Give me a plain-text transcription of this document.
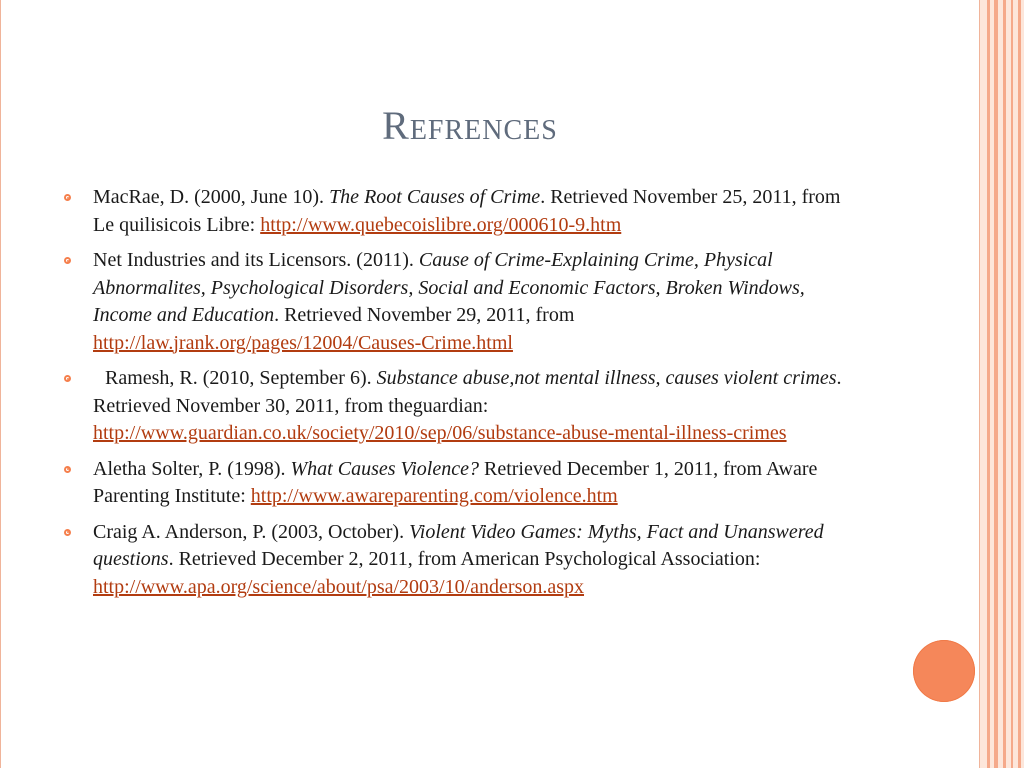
Refrences
MacRae, D. (2000, June 10). The Root Causes of Crime. Retrieved November 25, 2011, from Le quilisicois Libre: http://www.quebecoislibre.org/000610-9.htm
Net Industries and its Licensors. (2011). Cause of Crime-Explaining Crime, Physical Abnormalites, Psychological Disorders, Social and Economic Factors, Broken Windows, Income and Education. Retrieved November 29, 2011, from http://law.jrank.org/pages/12004/Causes-Crime.html
Ramesh, R. (2010, September 6). Substance abuse,not mental illness, causes violent crimes. Retrieved November 30, 2011, from theguardian: http://www.guardian.co.uk/society/2010/sep/06/substance-abuse-mental-illness-crimes
Aletha Solter, P. (1998). What Causes Violence? Retrieved December 1, 2011, from Aware Parenting Institute: http://www.awareparenting.com/violence.htm
Craig A. Anderson, P. (2003, October). Violent Video Games: Myths, Fact and Unanswered questions. Retrieved December 2, 2011, from American Psychological Association: http://www.apa.org/science/about/psa/2003/10/anderson.aspx
